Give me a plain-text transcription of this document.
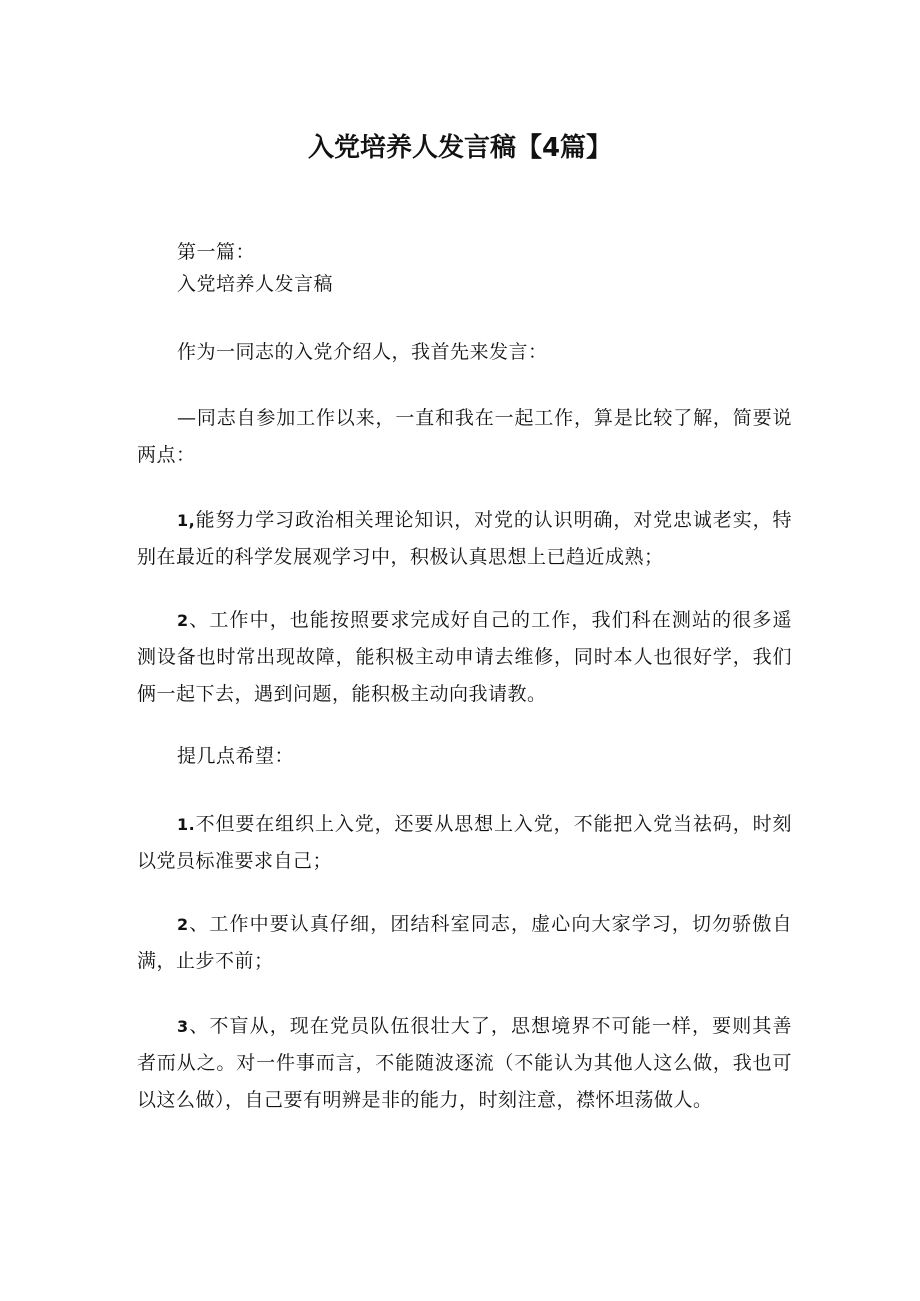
入党培养人发言稿【4篇】

第一篇：

入党培养人发言稿

作为一同志的入党介绍人，我首先来发言：

—同志自参加工作以来，一直和我在一起工作，算是比较了解，简要说两点：

1,能努力学习政治相关理论知识，对党的认识明确，对党忠诚老实，特别在最近的科学发展观学习中，积极认真思想上已趋近成熟；

2、工作中，也能按照要求完成好自己的工作，我们科在测站的很多遥测设备也时常出现故障，能积极主动申请去维修，同时本人也很好学，我们俩一起下去，遇到问题，能积极主动向我请教。

提几点希望：

1.不但要在组织上入党，还要从思想上入党，不能把入党当祛码，时刻以党员标准要求自己；

2、工作中要认真仔细，团结科室同志，虚心向大家学习，切勿骄傲自满，止步不前；

3、不盲从，现在党员队伍很壮大了，思想境界不可能一样，要则其善者而从之。对一件事而言，不能随波逐流（不能认为其他人这么做，我也可以这么做），自己要有明辨是非的能力，时刻注意，襟怀坦荡做人。
